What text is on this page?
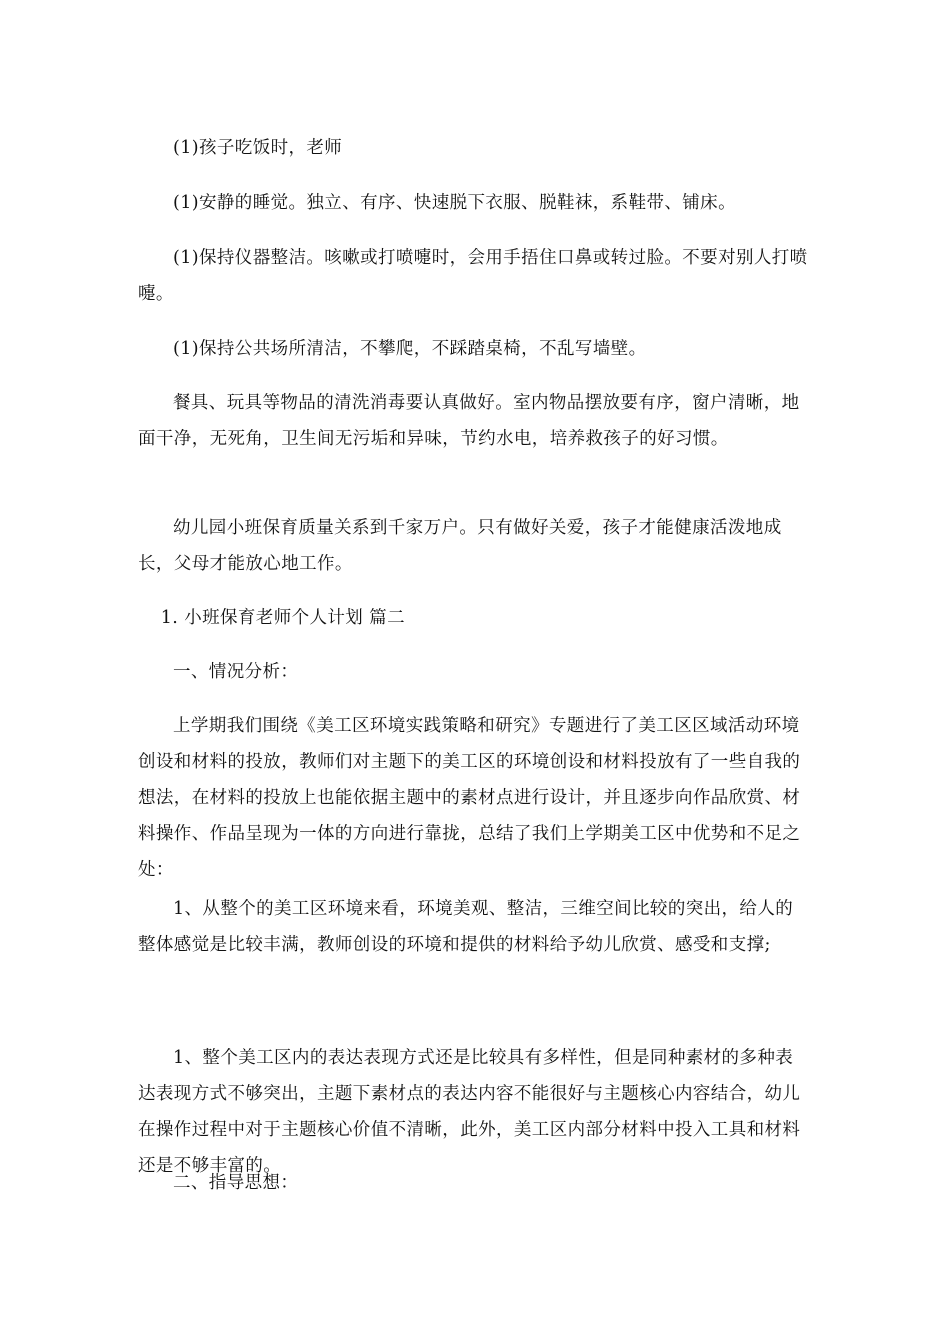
(1)孩子吃饭时，老师

(1)安静的睡觉。独立、有序、快速脱下衣服、脱鞋袜，系鞋带、铺床。

(1)保持仪器整洁。咳嗽或打喷嚏时，会用手捂住口鼻或转过脸。不要对别人打喷嚏。

(1)保持公共场所清洁，不攀爬，不踩踏桌椅，不乱写墙壁。

餐具、玩具等物品的清洗消毒要认真做好。室内物品摆放要有序，窗户清晰，地面干净，无死角，卫生间无污垢和异味，节约水电，培养救孩子的好习惯。

幼儿园小班保育质量关系到千家万户。只有做好关爱，孩子才能健康活泼地成长，父母才能放心地工作。

1. 小班保育老师个人计划 篇二

一、情况分析：

上学期我们围绕《美工区环境实践策略和研究》专题进行了美工区区域活动环境创设和材料的投放，教师们对主题下的美工区的环境创设和材料投放有了一些自我的想法，在材料的投放上也能依据主题中的素材点进行设计，并且逐步向作品欣赏、材料操作、作品呈现为一体的方向进行靠拢，总结了我们上学期美工区中优势和不足之处：

1、从整个的美工区环境来看，环境美观、整洁，三维空间比较的突出，给人的整体感觉是比较丰满，教师创设的环境和提供的材料给予幼儿欣赏、感受和支撑;

1、整个美工区内的表达表现方式还是比较具有多样性，但是同种素材的多种表达表现方式不够突出，主题下素材点的表达内容不能很好与主题核心内容结合，幼儿在操作过程中对于主题核心价值不清晰，此外，美工区内部分材料中投入工具和材料还是不够丰富的。

二、指导思想：
